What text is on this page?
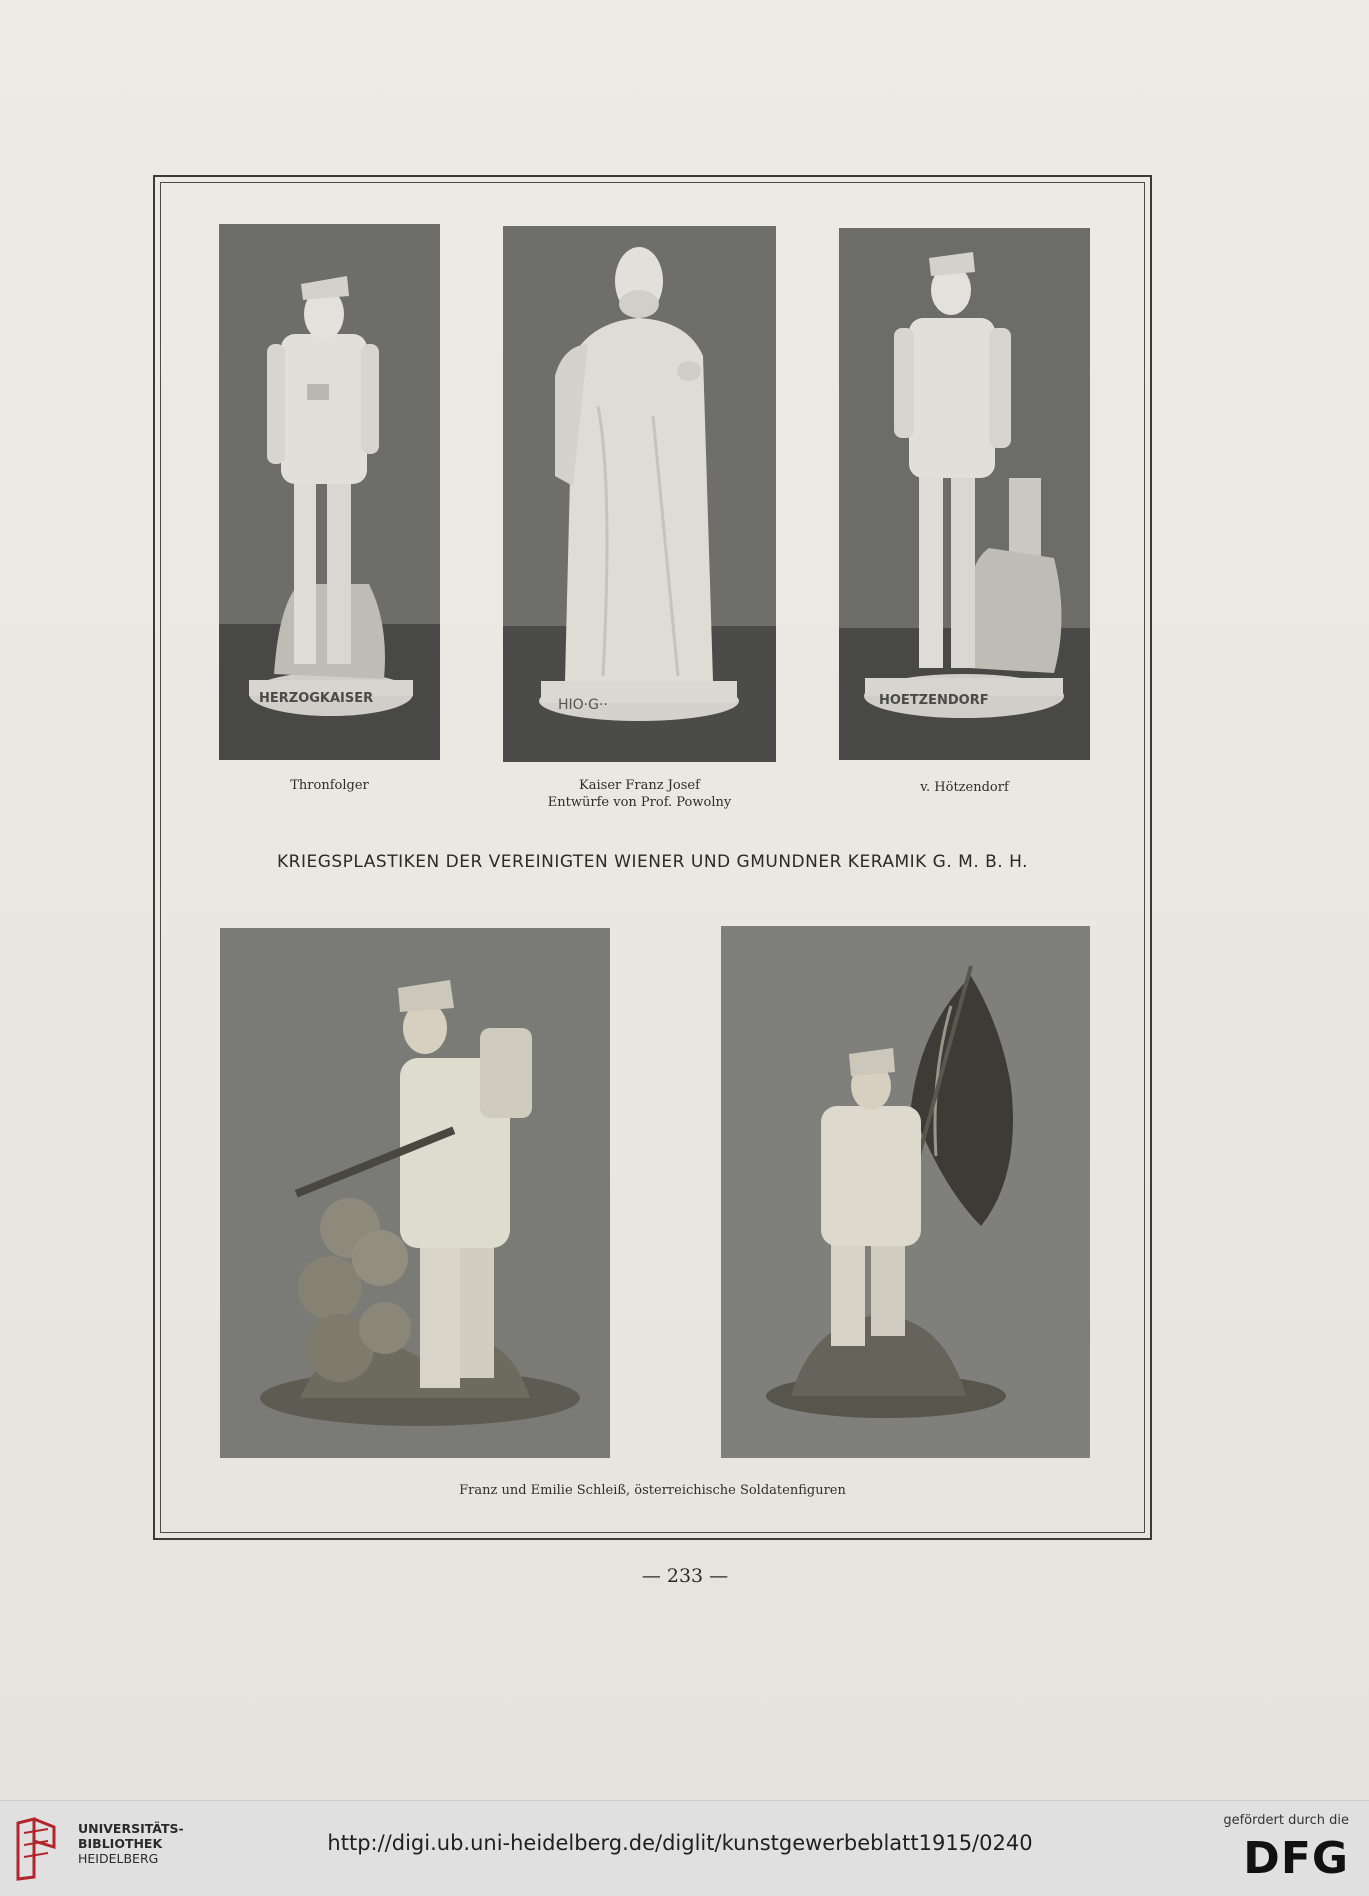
HERZOGKAISER	HIO·G··	HOETZENDORF
Thronfolger	Kaiser Franz Josef
Entwürfe von Prof. Powolny
v. Hötzendorf
KRIEGSPLASTIKEN DER VEREINIGTEN WIENER UND GMUNDNER KERAMIK G. M. B. H.
Franz und Emilie Schleiß, österreichische Soldatenfiguren
— 233 —
UNIVERSITÄTS-
BIBLIOTHEK
HEIDELBERG
http://digi.ub.uni-heidelberg.de/diglit/kunstgewerbeblatt1915/0240
gefördert durch die
DFG
